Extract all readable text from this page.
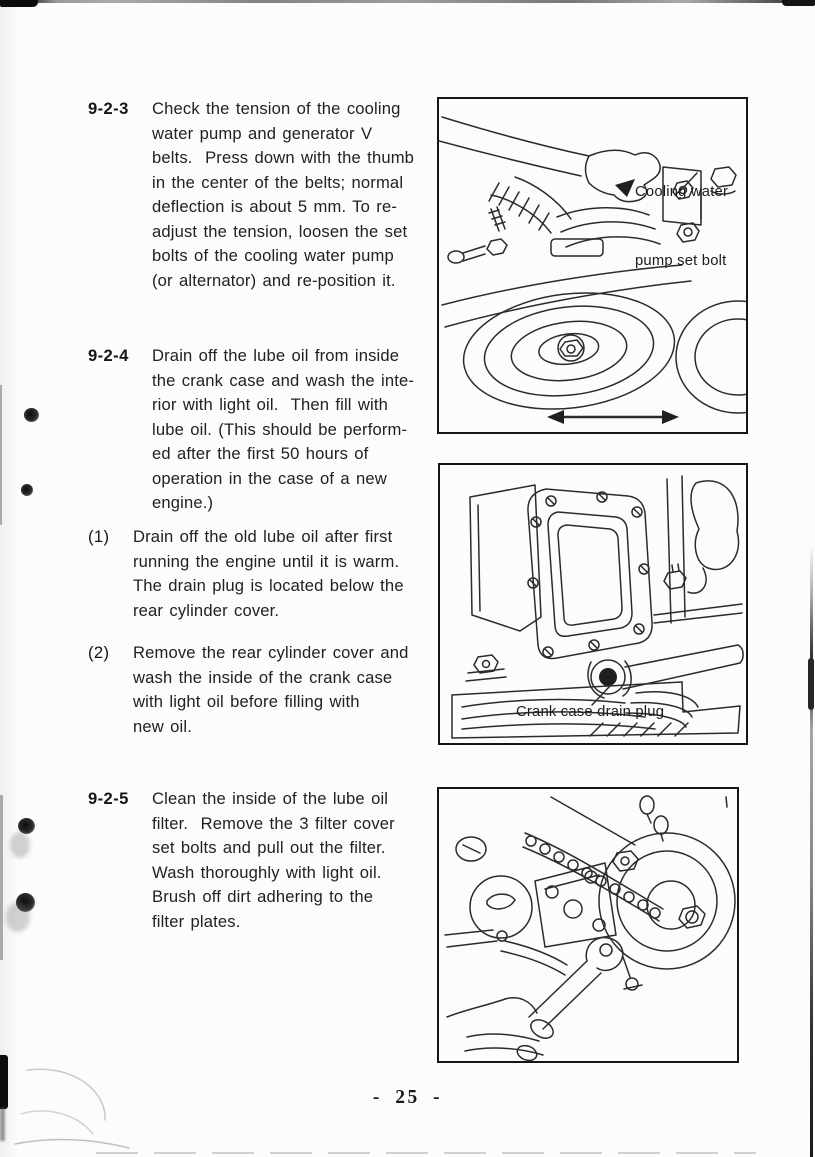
9-2-3 Check the tension of the cooling
water pump and generator V
belts.  Press down with the thumb
in the center of the belts; normal
deflection is about 5 mm. To re-
adjust the tension, loosen the set
bolts of the cooling water pump
(or alternator) and re-position it.
9-2-4 Drain off the lube oil from inside
the crank case and wash the inte-
rior with light oil.  Then fill with
lube oil. (This should be perform-
ed after the first 50 hours of
operation in the case of a new
engine.)
(1) Drain off the old lube oil after first
running the engine until it is warm.
The drain plug is located below the
rear cylinder cover.
(2) Remove the rear cylinder cover and
wash the inside of the crank case
with light oil before filling with
new oil.
9-2-5 Clean the inside of the lube oil
filter.  Remove the 3 filter cover
set bolts and pull out the filter.
Wash thoroughly with light oil.
Brush off dirt adhering to the
filter plates.

Cooling water

pump set bolt

Crank case drain plug
- 25 -
